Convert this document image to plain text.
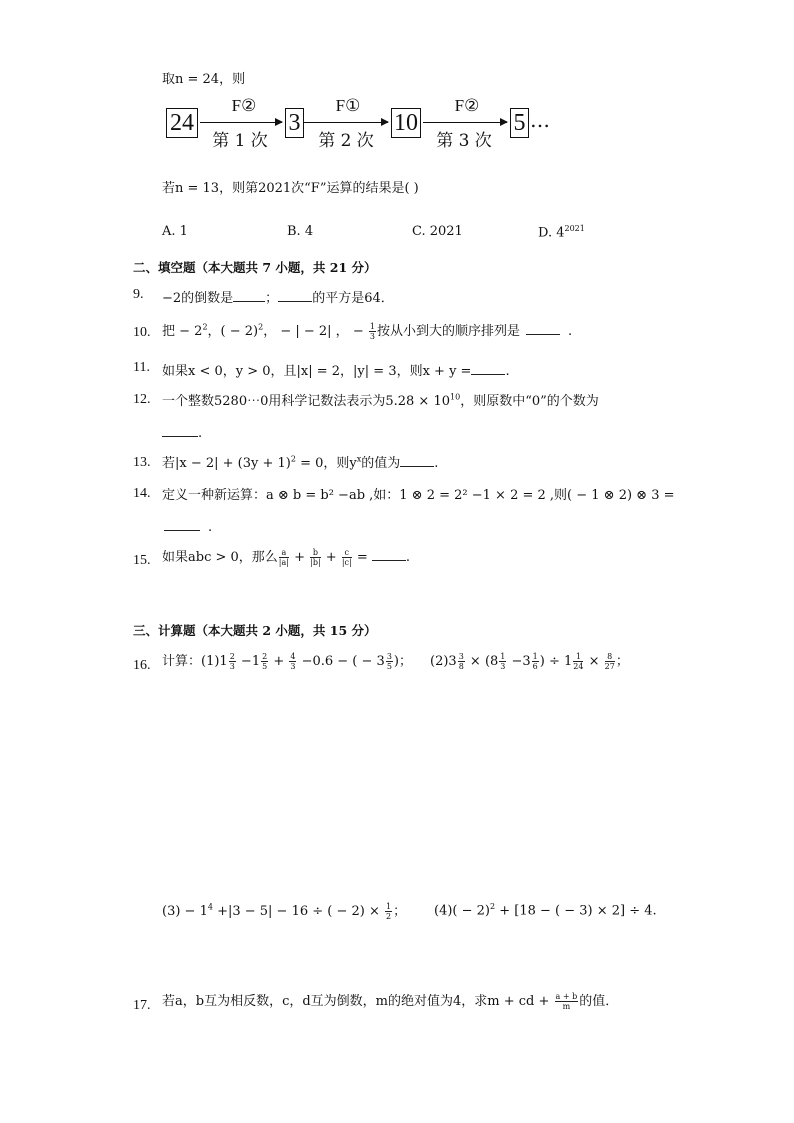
取n = 24，则
24
F②
第 1 次
3
F①
第 2 次
10
F②
第 3 次
5 …
若n = 13，则第2021次“F”运算的结果是( )
A. 1	B. 4	C. 2021	D. $4^{2021}$
二、填空题（本大题共 7 小题，共 21 分）
9. −2的倒数是 ；	的平方是64．
10. 把 − $2^2$，( − 2)$^2$， − | − 2| ， − $\frac{1}{3}$ 按从小到大的顺序排列是	.
11. 如果x < 0，y > 0，且|x| = 2，|y| = 3，则x + y =	.
12. 一个整数5280⋯0用科学记数法表示为$5.28 \times 10^{10}$，则原数中“0”的个数为
.
13. 若$|x - 2| + (3y + 1)^2 = 0$，则$y^x$的值为	.
14. 定义一种新运算：a ⊗ b = b² −ab ,如：1 ⊗ 2 = 2² −1 × 2 = 2 ,则( − 1 ⊗ 2) ⊗ 3 =
.
15. 如果abc > 0，那么 $\frac{a}{|a|} + \frac{b}{|b|} + \frac{c}{|c|}$ =	.
三、计算题（本大题共 2 小题，共 15 分）
16. 计算：$(1)1 \frac{2}{3} -1 \frac{2}{5} + \frac{4}{3} -0.6$ − ( − $3 \frac{3}{5}$ )； $(2)3 \frac{3}{8} \times (8 \frac{1}{3} -3 \frac{1}{6}$ ) ÷ $1 \frac{1}{24} \times \frac{8}{27}$ ；
$(3) - 1^4 +|3 - 5| - 16$ ÷ ( − $2) \times \frac{1}{2}$ ； $(4)( - 2)^2 + [18$ − ( − 3) × 2] ÷ 4.
17. 若a，b互为相反数，c，d互为倒数，m的绝对值为4，求m + cd + $\frac{a + b}{m}$ 的值．
